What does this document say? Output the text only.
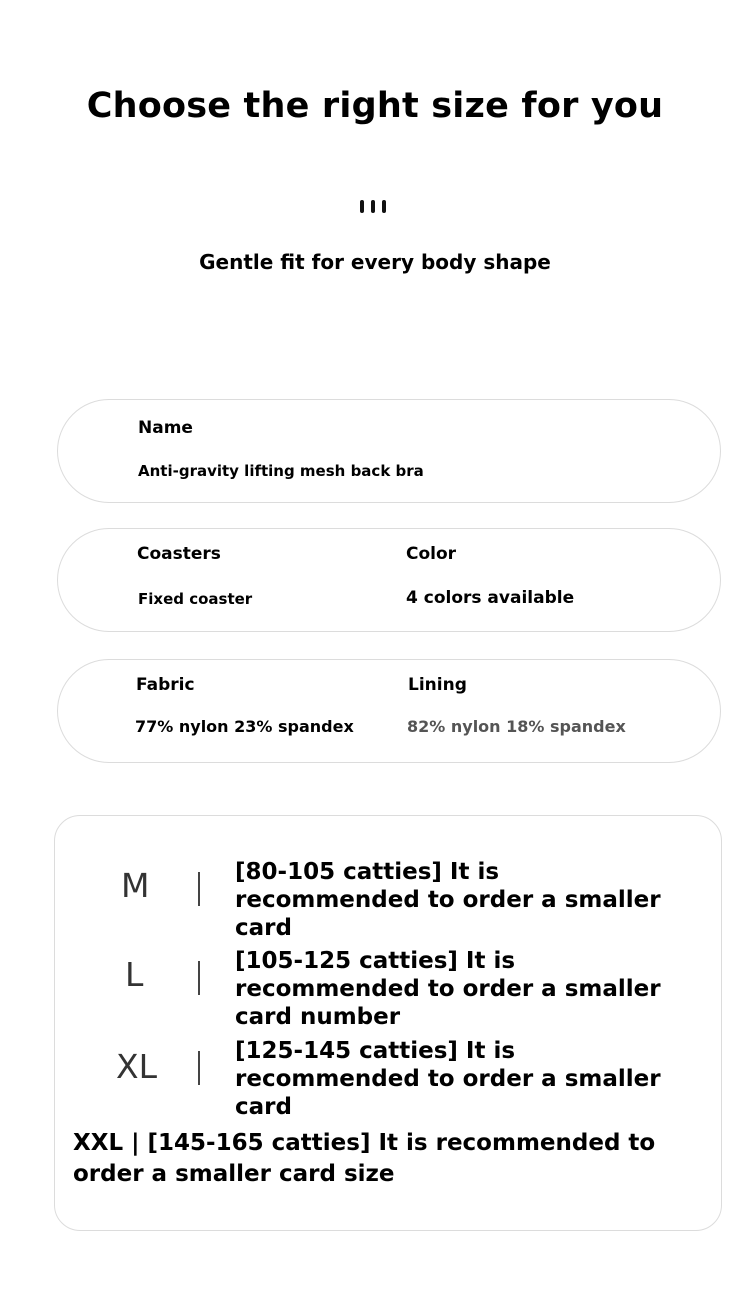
Choose the right size for you
Gentle fit for every body shape
Name
Anti-gravity lifting mesh back bra
Coasters
Fixed coaster
Color
4 colors available
Fabric
77% nylon 23% spandex
Lining
82% nylon 18% spandex
M	[80-105 catties] It is recommended to order a smaller card
L	[105-125 catties] It is recommended to order a smaller card number
XL	[125-145 catties] It is recommended to order a smaller card
XXL | [145-165 catties] It is recommended to order a smaller card size
